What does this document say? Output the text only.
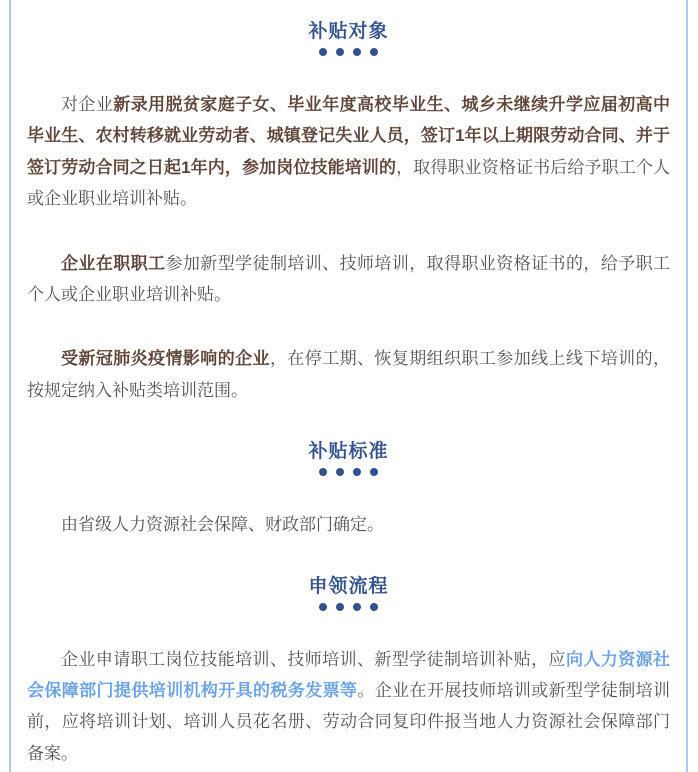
补贴对象

对企业新录用脱贫家庭子女、毕业年度高校毕业生、城乡未继续升学应届初高中毕业生、农村转移就业劳动者、城镇登记失业人员，签订1年以上期限劳动合同、并于签订劳动合同之日起1年内，参加岗位技能培训的，取得职业资格证书后给予职工个人或企业职业培训补贴。

企业在职职工参加新型学徒制培训、技师培训，取得职业资格证书的，给予职工个人或企业职业培训补贴。

受新冠肺炎疫情影响的企业，在停工期、恢复期组织职工参加线上线下培训的，按规定纳入补贴类培训范围。

补贴标准

由省级人力资源社会保障、财政部门确定。

申领流程

企业申请职工岗位技能培训、技师培训、新型学徒制培训补贴，应向人力资源社会保障部门提供培训机构开具的税务发票等。企业在开展技师培训或新型学徒制培训前，应将培训计划、培训人员花名册、劳动合同复印件报当地人力资源社会保障部门备案。
